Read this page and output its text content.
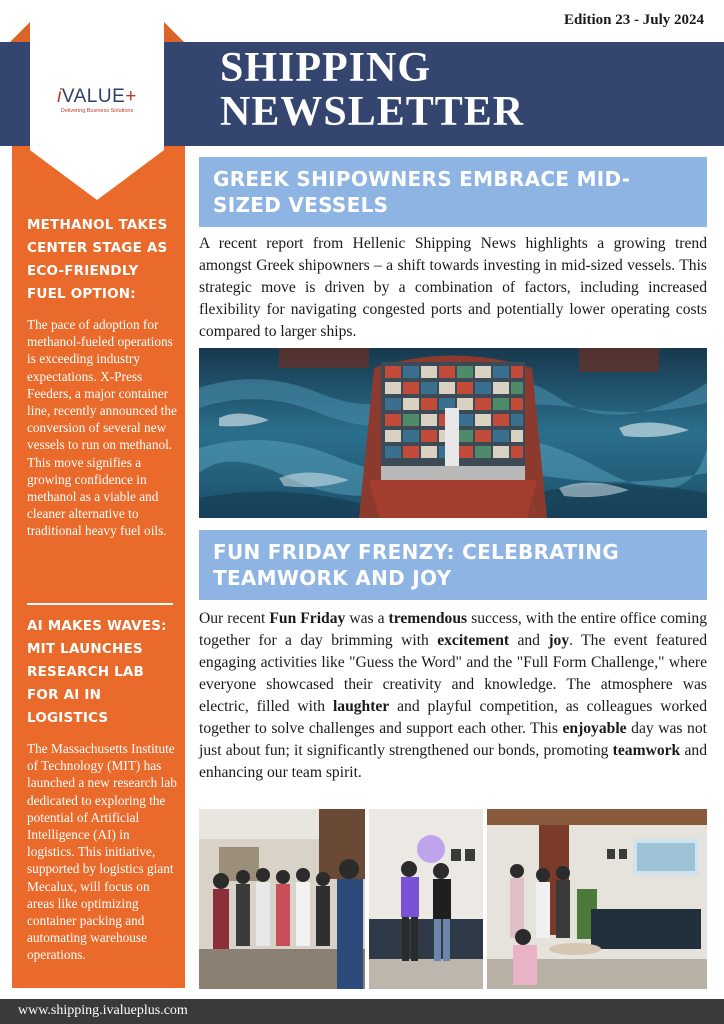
Edition 23 - July 2024
SHIPPING
NEWSLETTER
iVALUE+
Delivering Business Solutions
METHANOL TAKES CENTER STAGE AS ECO-FRIENDLY FUEL OPTION:
The pace of adoption for methanol-fueled operations is exceeding industry expectations. X-Press Feeders, a major container line, recently announced the conversion of several new vessels to run on methanol. This move signifies a growing confidence in methanol as a viable and cleaner alternative to traditional heavy fuel oils.
AI MAKES WAVES: MIT LAUNCHES RESEARCH LAB FOR AI IN LOGISTICS
The Massachusetts Institute of Technology (MIT) has launched a new research lab dedicated to exploring the potential of Artificial Intelligence (AI) in logistics. This initiative, supported by logistics giant Mecalux, will focus on areas like optimizing container packing and automating warehouse operations.
GREEK SHIPOWNERS EMBRACE MID-SIZED VESSELS
A recent report from Hellenic Shipping News highlights a growing trend amongst Greek shipowners – a shift towards investing in mid-sized vessels. This strategic move is driven by a combination of factors, including increased flexibility for navigating congested ports and potentially lower operating costs compared to larger ships.
FUN FRIDAY FRENZY: CELEBRATING TEAMWORK AND JOY
Our recent Fun Friday was a tremendous success, with the entire office coming together for a day brimming with excitement and joy. The event featured engaging activities like "Guess the Word" and the "Full Form Challenge," where everyone showcased their creativity and knowledge. The atmosphere was electric, filled with laughter and playful competition, as colleagues worked together to solve challenges and support each other. This enjoyable day was not just about fun; it significantly strengthened our bonds, promoting teamwork and enhancing our team spirit.
www.shipping.ivalueplus.com
